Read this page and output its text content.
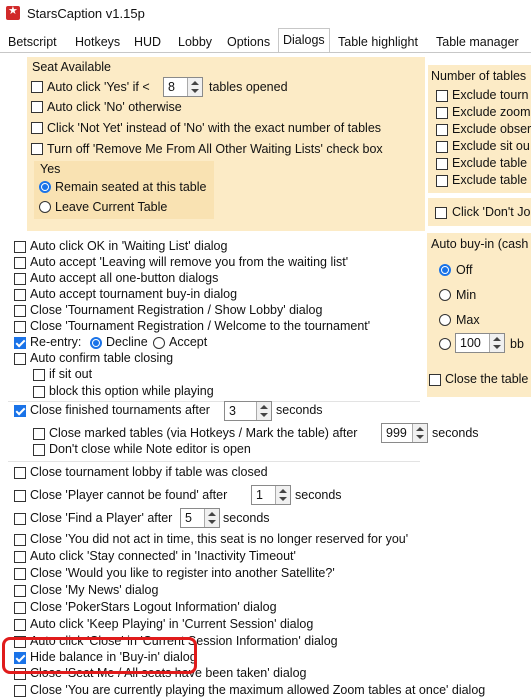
★
StarsCaption v1.15p
Betscript	Hotkeys	HUD	Lobby	Options	Dialogs	Table highlight	Table manager
Seat Available
Auto click 'Yes' if < 8	tables opened
Auto click 'No' otherwise
Click 'Not Yet' instead of 'No' with the exact number of tables
Turn off 'Remove Me From All Other Waiting Lists' check box
Yes
Remain seated at this table
Leave Current Table
Number of tables
Exclude tourn
Exclude zoom
Exclude obser
Exclude sit ou
Exclude table
Exclude table
Click 'Don't Jo
Auto buy-in (cash
Off
Min
Max
100 bb
Close the table
Auto click OK in 'Waiting List' dialog
Auto accept 'Leaving will remove you from the waiting list'
Auto accept all one-button dialogs
Auto accept tournament buy-in dialog
Close 'Tournament Registration / Show Lobby' dialog
Close 'Tournament Registration / Welcome to the tournament'
Re-entry: Decline Accept
Auto confirm table closing
if sit out
block this option while playing
Close finished tournaments after 3	seconds
Close marked tables (via Hotkeys / Mark the table) after 999 seconds
Don't close while Note editor is open
Close tournament lobby if table was closed
Close 'Player cannot be found' after 1	seconds
Close 'Find a Player' after 5 seconds
Close 'You did not act in time, this seat is no longer reserved for you'
Auto click 'Stay connected' in 'Inactivity Timeout'
Close 'Would you like to register into another Satellite?'
Close 'My News' dialog
Close 'PokerStars Logout Information' dialog
Auto click 'Keep Playing' in 'Current Session' dialog
Auto click 'Close' in 'Current Session Information' dialog
Hide balance in 'Buy-in' dialog
Close 'Seat Me / All seats have been taken' dialog
Close 'You are currently playing the maximum allowed Zoom tables at once' dialog
